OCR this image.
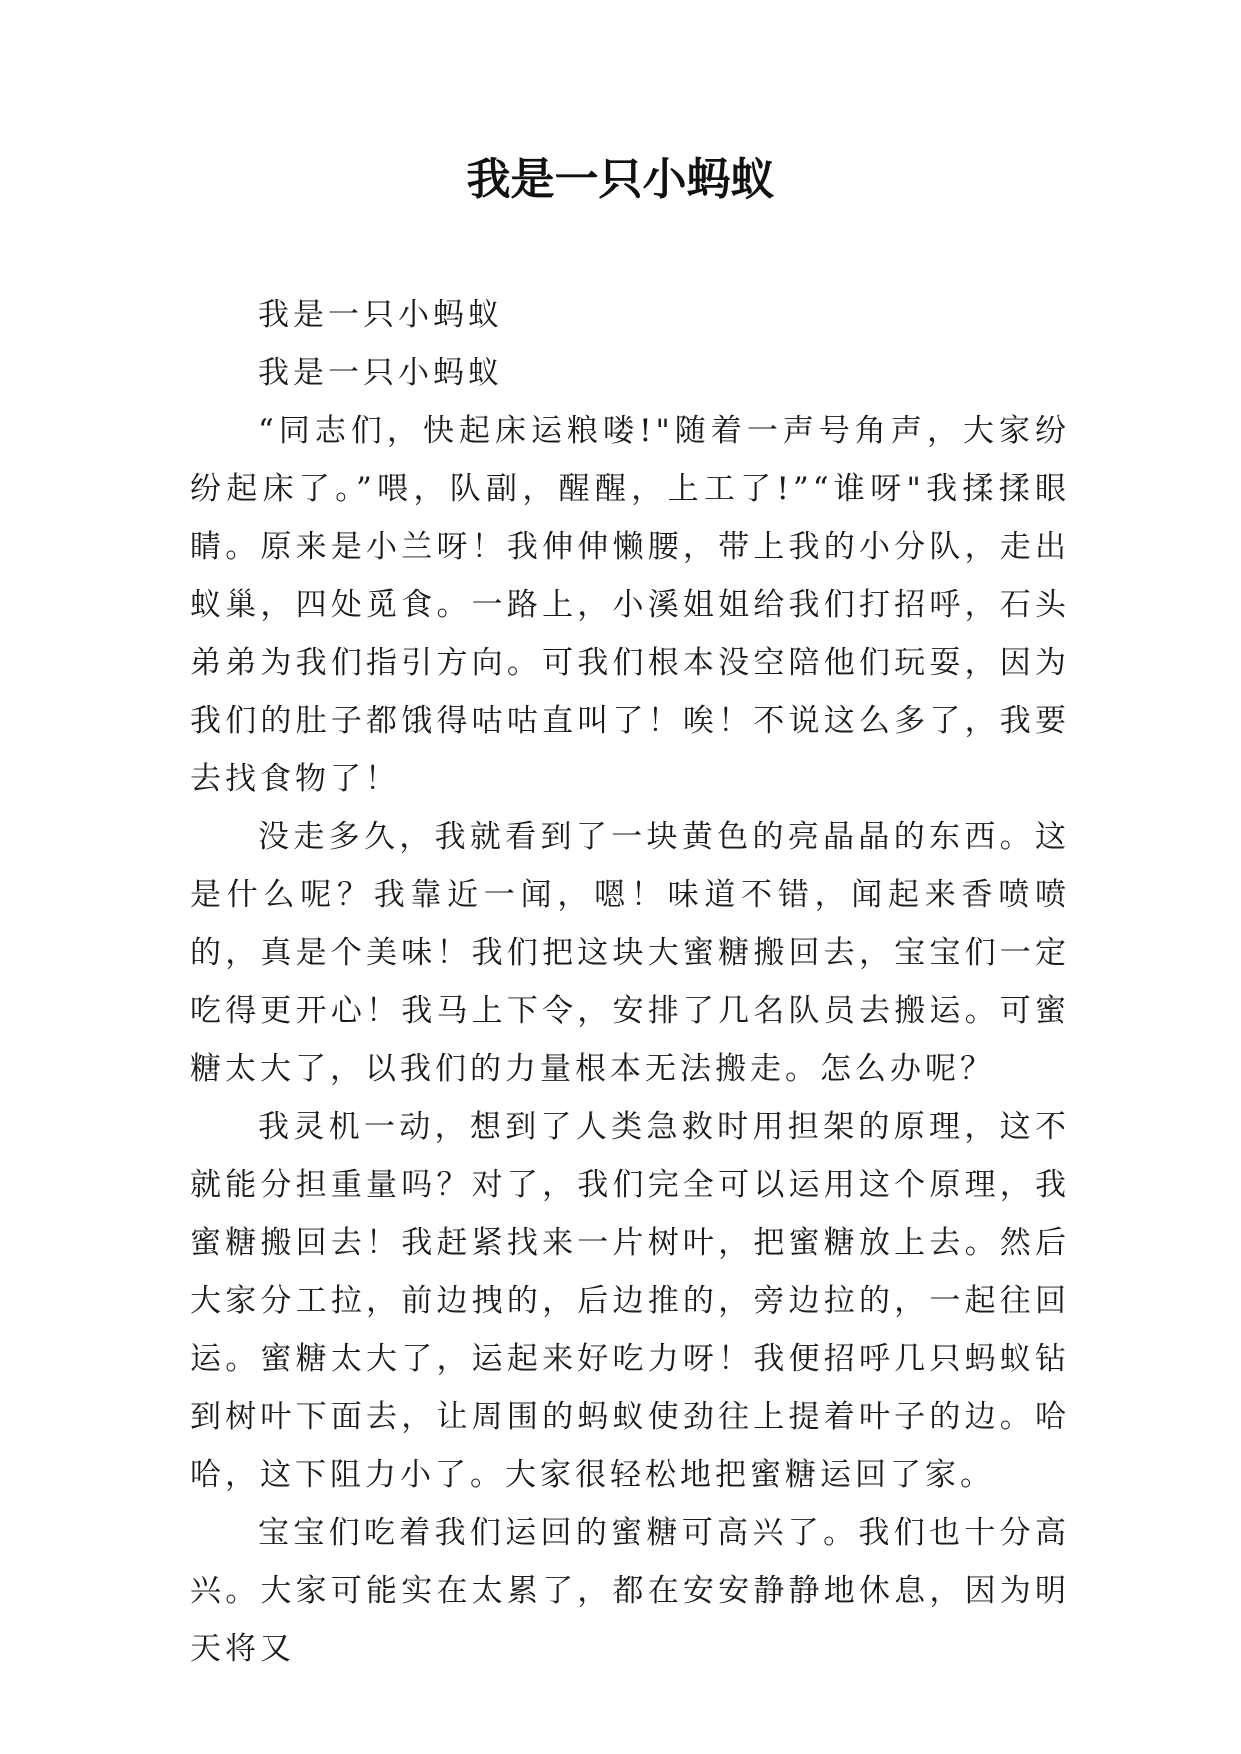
我是一只小蚂蚁

我是一只小蚂蚁

我是一只小蚂蚁

“同志们，快起床运粮喽!"随着一声号角声，大家纷纷起床了。”喂，队副，醒醒，上工了!”“谁呀"我揉揉眼睛。原来是小兰呀！我伸伸懒腰，带上我的小分队，走出蚁巢，四处觅食。一路上，小溪姐姐给我们打招呼，石头弟弟为我们指引方向。可我们根本没空陪他们玩耍，因为我们的肚子都饿得咕咕直叫了！唉！不说这么多了，我要去找食物了！

没走多久，我就看到了一块黄色的亮晶晶的东西。这是什么呢？我靠近一闻，嗯！味道不错，闻起来香喷喷的，真是个美味！我们把这块大蜜糖搬回去，宝宝们一定吃得更开心！我马上下令，安排了几名队员去搬运。可蜜糖太大了，以我们的力量根本无法搬走。怎么办呢？

我灵机一动，想到了人类急救时用担架的原理，这不就能分担重量吗？对了，我们完全可以运用这个原理，我蜜糖搬回去！我赶紧找来一片树叶，把蜜糖放上去。然后大家分工拉，前边拽的，后边推的，旁边拉的，一起往回运。蜜糖太大了，运起来好吃力呀！我便招呼几只蚂蚁钻到树叶下面去，让周围的蚂蚁使劲往上提着叶子的边。哈哈，这下阻力小了。大家很轻松地把蜜糖运回了家。

宝宝们吃着我们运回的蜜糖可高兴了。我们也十分高兴。大家可能实在太累了，都在安安静静地休息，因为明天将又
